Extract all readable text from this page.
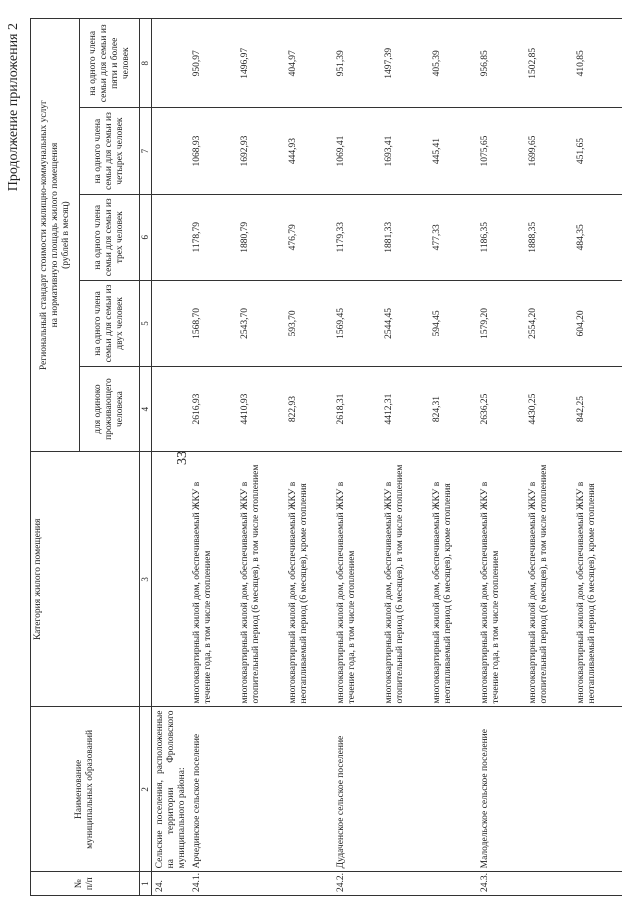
33
Продолжение приложения 2
№
п/п	Наименование
муниципальных образований	Категория жилого помещения	Региональный стандарт стоимости жилищно-коммунальных услуг
на нормативную площадь жилого помещения
(рублей в месяц)				
			для одиноко проживающего человека	на одного члена семьи для семьи из двух человек	на одного члена семьи для семьи из трех человек	на одного члена семьи для семьи из четырех человек	на одного члена семьи для семьи из пяти и более человек
1	2	3	4	5	6	7	8
24.	Сельские поселения, расположенные на территории Фроловского муниципального района:						
24.1.	Арчединское сельское поселение	многоквартирный жилой дом, обеспечиваемый ЖКУ в течение года, в том числе отоплением	2616,93	1568,70	1178,79	1068,93	950,97
		многоквартирный жилой дом, обеспечиваемый ЖКУ в отопительный период (6 месяцев), в том числе отоплением	4410,93	2543,70	1880,79	1692,93	1496,97
		многоквартирный жилой дом, обеспечиваемый ЖКУ в неотапливаемый период (6 месяцев), кроме отопления	822,93	593,70	476,79	444,93	404,97
24.2.	Дудаченское сельское поселение	многоквартирный жилой дом, обеспечиваемый ЖКУ в течение года, в том числе отоплением	2618,31	1569,45	1179,33	1069,41	951,39
		многоквартирный жилой дом, обеспечиваемый ЖКУ в отопительный период (6 месяцев), в том числе отоплением	4412,31	2544,45	1881,33	1693,41	1497,39
		многоквартирный жилой дом, обеспечиваемый ЖКУ в неотапливаемый период (6 месяцев), кроме отопления	824,31	594,45	477,33	445,41	405,39
24.3.	Малодельское сельское поселение	многоквартирный жилой дом, обеспечиваемый ЖКУ в течение года, в том числе отоплением	2636,25	1579,20	1186,35	1075,65	956,85
		многоквартирный жилой дом, обеспечиваемый ЖКУ в отопительный период (6 месяцев), в том числе отоплением	4430,25	2554,20	1888,35	1699,65	1502,85
		многоквартирный жилой дом, обеспечиваемый ЖКУ в неотапливаемый период (6 месяцев), кроме отопления	842,25	604,20	484,35	451,65	410,85
